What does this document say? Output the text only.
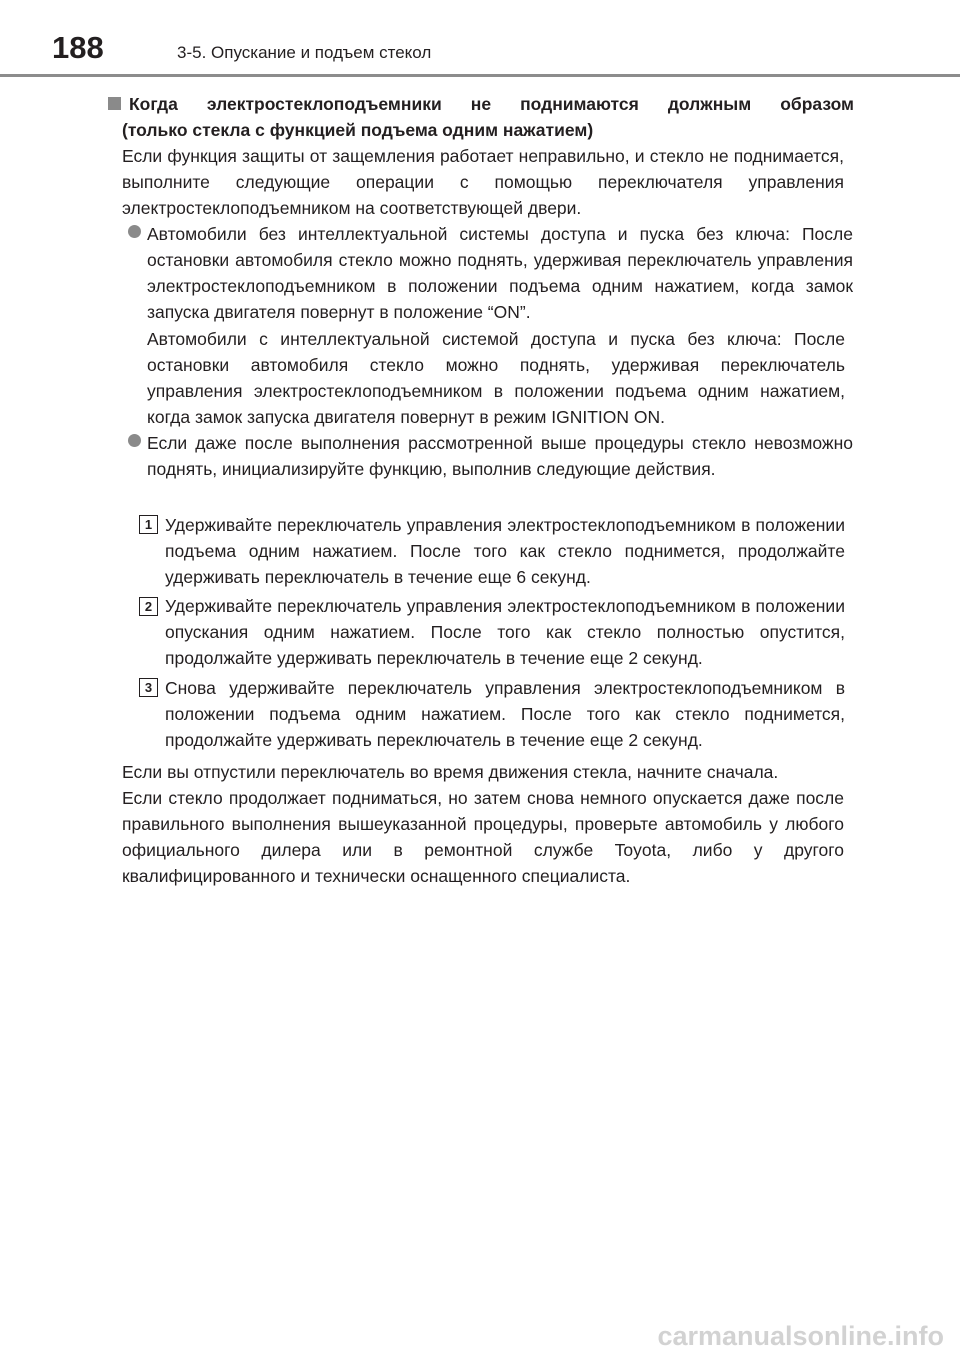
188	3-5. Опускание и подъем стекол
Когда электростеклоподъемники не поднимаются должным образом
(только стекла с функцией подъема одним нажатием)

Если функция защиты от защемления работает неправильно, и стекло не поднимается, выполните следующие операции с помощью переключателя управления электростеклоподъемником на соответствующей двери.

Автомобили без интеллектуальной системы доступа и пуска без ключа: После остановки автомобиля стекло можно поднять, удерживая переключатель управления электростеклоподъемником в положении подъема одним нажатием, когда замок запуска двигателя повернут в положение “ON”.

Автомобили с интеллектуальной системой доступа и пуска без ключа: После остановки автомобиля стекло можно поднять, удерживая переключатель управления электростеклоподъемником в положении подъема одним нажатием, когда замок запуска двигателя повернут в режим IGNITION ON.

Если даже после выполнения рассмотренной выше процедуры стекло невозможно поднять, инициализируйте функцию, выполнив следующие действия.

1 Удерживайте переключатель управления электростеклоподъемником в положении подъема одним нажатием. После того как стекло поднимется, продолжайте удерживать переключатель в течение еще 6 секунд.

2 Удерживайте переключатель управления электростеклоподъемником в положении опускания одним нажатием. После того как стекло полностью опустится, продолжайте удерживать переключатель в течение еще 2 секунд.

3 Снова удерживайте переключатель управления электростеклоподъемником в положении подъема одним нажатием. После того как стекло поднимется, продолжайте удерживать переключатель в течение еще 2 секунд.

Если вы отпустили переключатель во время движения стекла, начните сначала.

Если стекло продолжает подниматься, но затем снова немного опускается даже после правильного выполнения вышеуказанной процедуры, проверьте автомобиль у любого официального дилера или в ремонтной службе Toyota, либо у другого квалифицированного и технически оснащенного специалиста.

carmanualsonline.info
